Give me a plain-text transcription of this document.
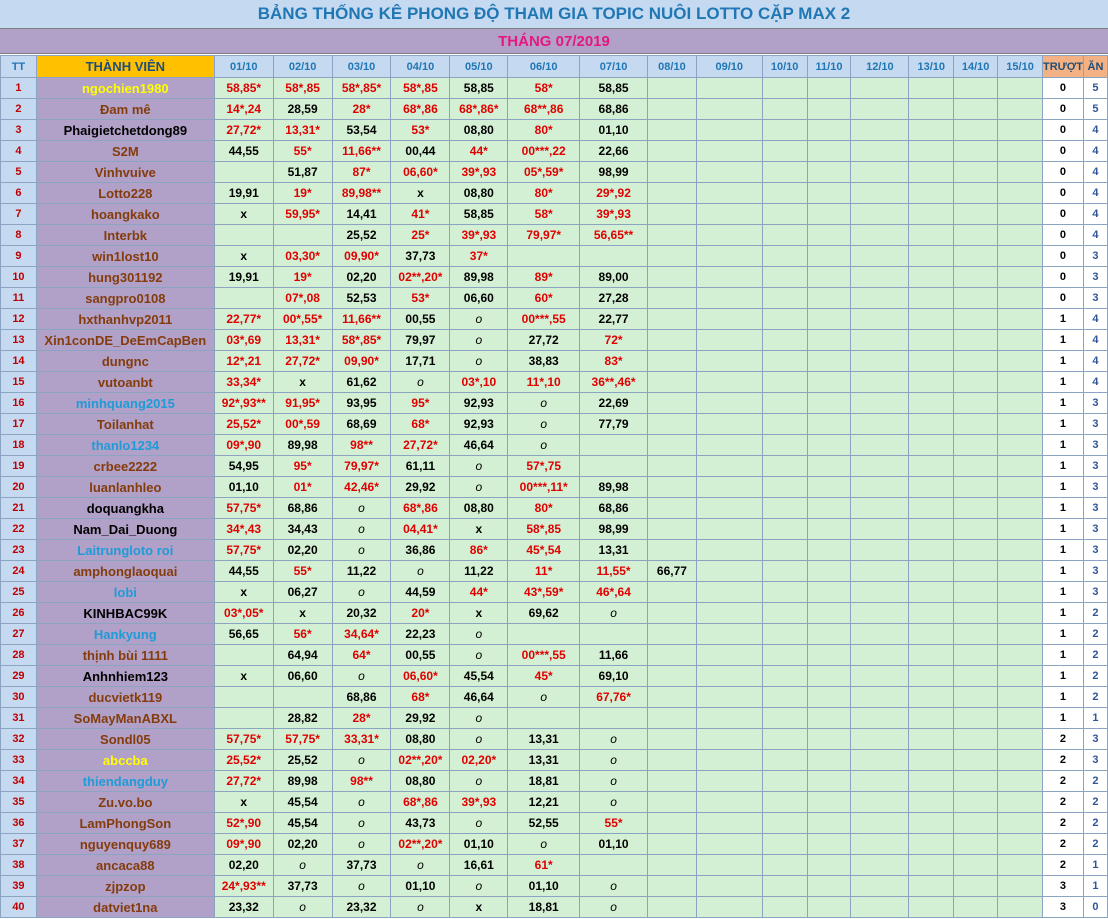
BẢNG THỐNG KÊ PHONG ĐỘ THAM GIA TOPIC NUÔI LOTTO CẶP MAX 2
THÁNG 07/2019
TT	THÀNH VIÊN	01/10	02/10	03/10	04/10	05/10	06/10	07/10	08/10	09/10	10/10	11/10	12/10	13/10	14/10	15/10	TRƯỢT	ĂN
1	ngochien1980	58,85*	58*,85	58*,85*	58*,85	58,85	58*	58,85									0	5
2	Đam mê	14*,24	28,59	28*	68*,86	68*,86*	68**,86	68,86									0	5
3	Phaigietchetdong89	27,72*	13,31*	53,54	53*	08,80	80*	01,10									0	4
4	S2M	44,55	55*	11,66**	00,44	44*	00***,22	22,66									0	4
5	Vinhvuive		51,87	87*	06,60*	39*,93	05*,59*	98,99									0	4
6	Lotto228	19,91	19*	89,98**	x	08,80	80*	29*,92									0	4
7	hoangkako	x	59,95*	14,41	41*	58,85	58*	39*,93									0	4
8	Interbk			25,52	25*	39*,93	79,97*	56,65**									0	4
9	win1lost10	x	03,30*	09,90*	37,73	37*											0	3
10	hung301192	19,91	19*	02,20	02**,20*	89,98	89*	89,00									0	3
11	sangpro0108		07*,08	52,53	53*	06,60	60*	27,28									0	3
12	hxthanhvp2011	22,77*	00*,55*	11,66**	00,55	o	00***,55	22,77									1	4
13	Xin1conDE_DeEmCapBen	03*,69	13,31*	58*,85*	79,97	o	27,72	72*									1	4
14	dungnc	12*,21	27,72*	09,90*	17,71	o	38,83	83*									1	4
15	vutoanbt	33,34*	x	61,62	o	03*,10	11*,10	36**,46*									1	4
16	minhquang2015	92*,93**	91,95*	93,95	95*	92,93	o	22,69									1	3
17	Toilanhat	25,52*	00*,59	68,69	68*	92,93	o	77,79									1	3
18	thanlo1234	09*,90	89,98	98**	27,72*	46,64	o										1	3
19	crbee2222	54,95	95*	79,97*	61,11	o	57*,75										1	3
20	luanlanhleo	01,10	01*	42,46*	29,92	o	00***,11*	89,98									1	3
21	doquangkha	57,75*	68,86	o	68*,86	08,80	80*	68,86									1	3
22	Nam_Dai_Duong	34*,43	34,43	o	04,41*	x	58*,85	98,99									1	3
23	Laitrungloto roi	57,75*	02,20	o	36,86	86*	45*,54	13,31									1	3
24	amphonglaoquai	44,55	55*	11,22	o	11,22	11*	11,55*	66,77								1	3
25	lobi	x	06,27	o	44,59	44*	43*,59*	46*,64									1	3
26	KINHBAC99K	03*,05*	x	20,32	20*	x	69,62	o									1	2
27	Hankyung	56,65	56*	34,64*	22,23	o											1	2
28	thịnh bùi 1111		64,94	64*	00,55	o	00***,55	11,66									1	2
29	Anhnhiem123	x	06,60	o	06,60*	45,54	45*	69,10									1	2
30	ducvietk119			68,86	68*	46,64	o	67,76*									1	2
31	SoMayManABXL		28,82	28*	29,92	o											1	1
32	Sondl05	57,75*	57,75*	33,31*	08,80	o	13,31	o									2	3
33	abccba	25,52*	25,52	o	02**,20*	02,20*	13,31	o									2	3
34	thiendangduy	27,72*	89,98	98**	08,80	o	18,81	o									2	2
35	Zu.vo.bo	x	45,54	o	68*,86	39*,93	12,21	o									2	2
36	LamPhongSon	52*,90	45,54	o	43,73	o	52,55	55*									2	2
37	nguyenquy689	09*,90	02,20	o	02**,20*	01,10	o	01,10									2	2
38	ancaca88	02,20	o	37,73	o	16,61	61*										2	1
39	zjpzop	24*,93**	37,73	o	01,10	o	01,10	o									3	1
40	datviet1na	23,32	o	23,32	o	x	18,81	o									3	0
